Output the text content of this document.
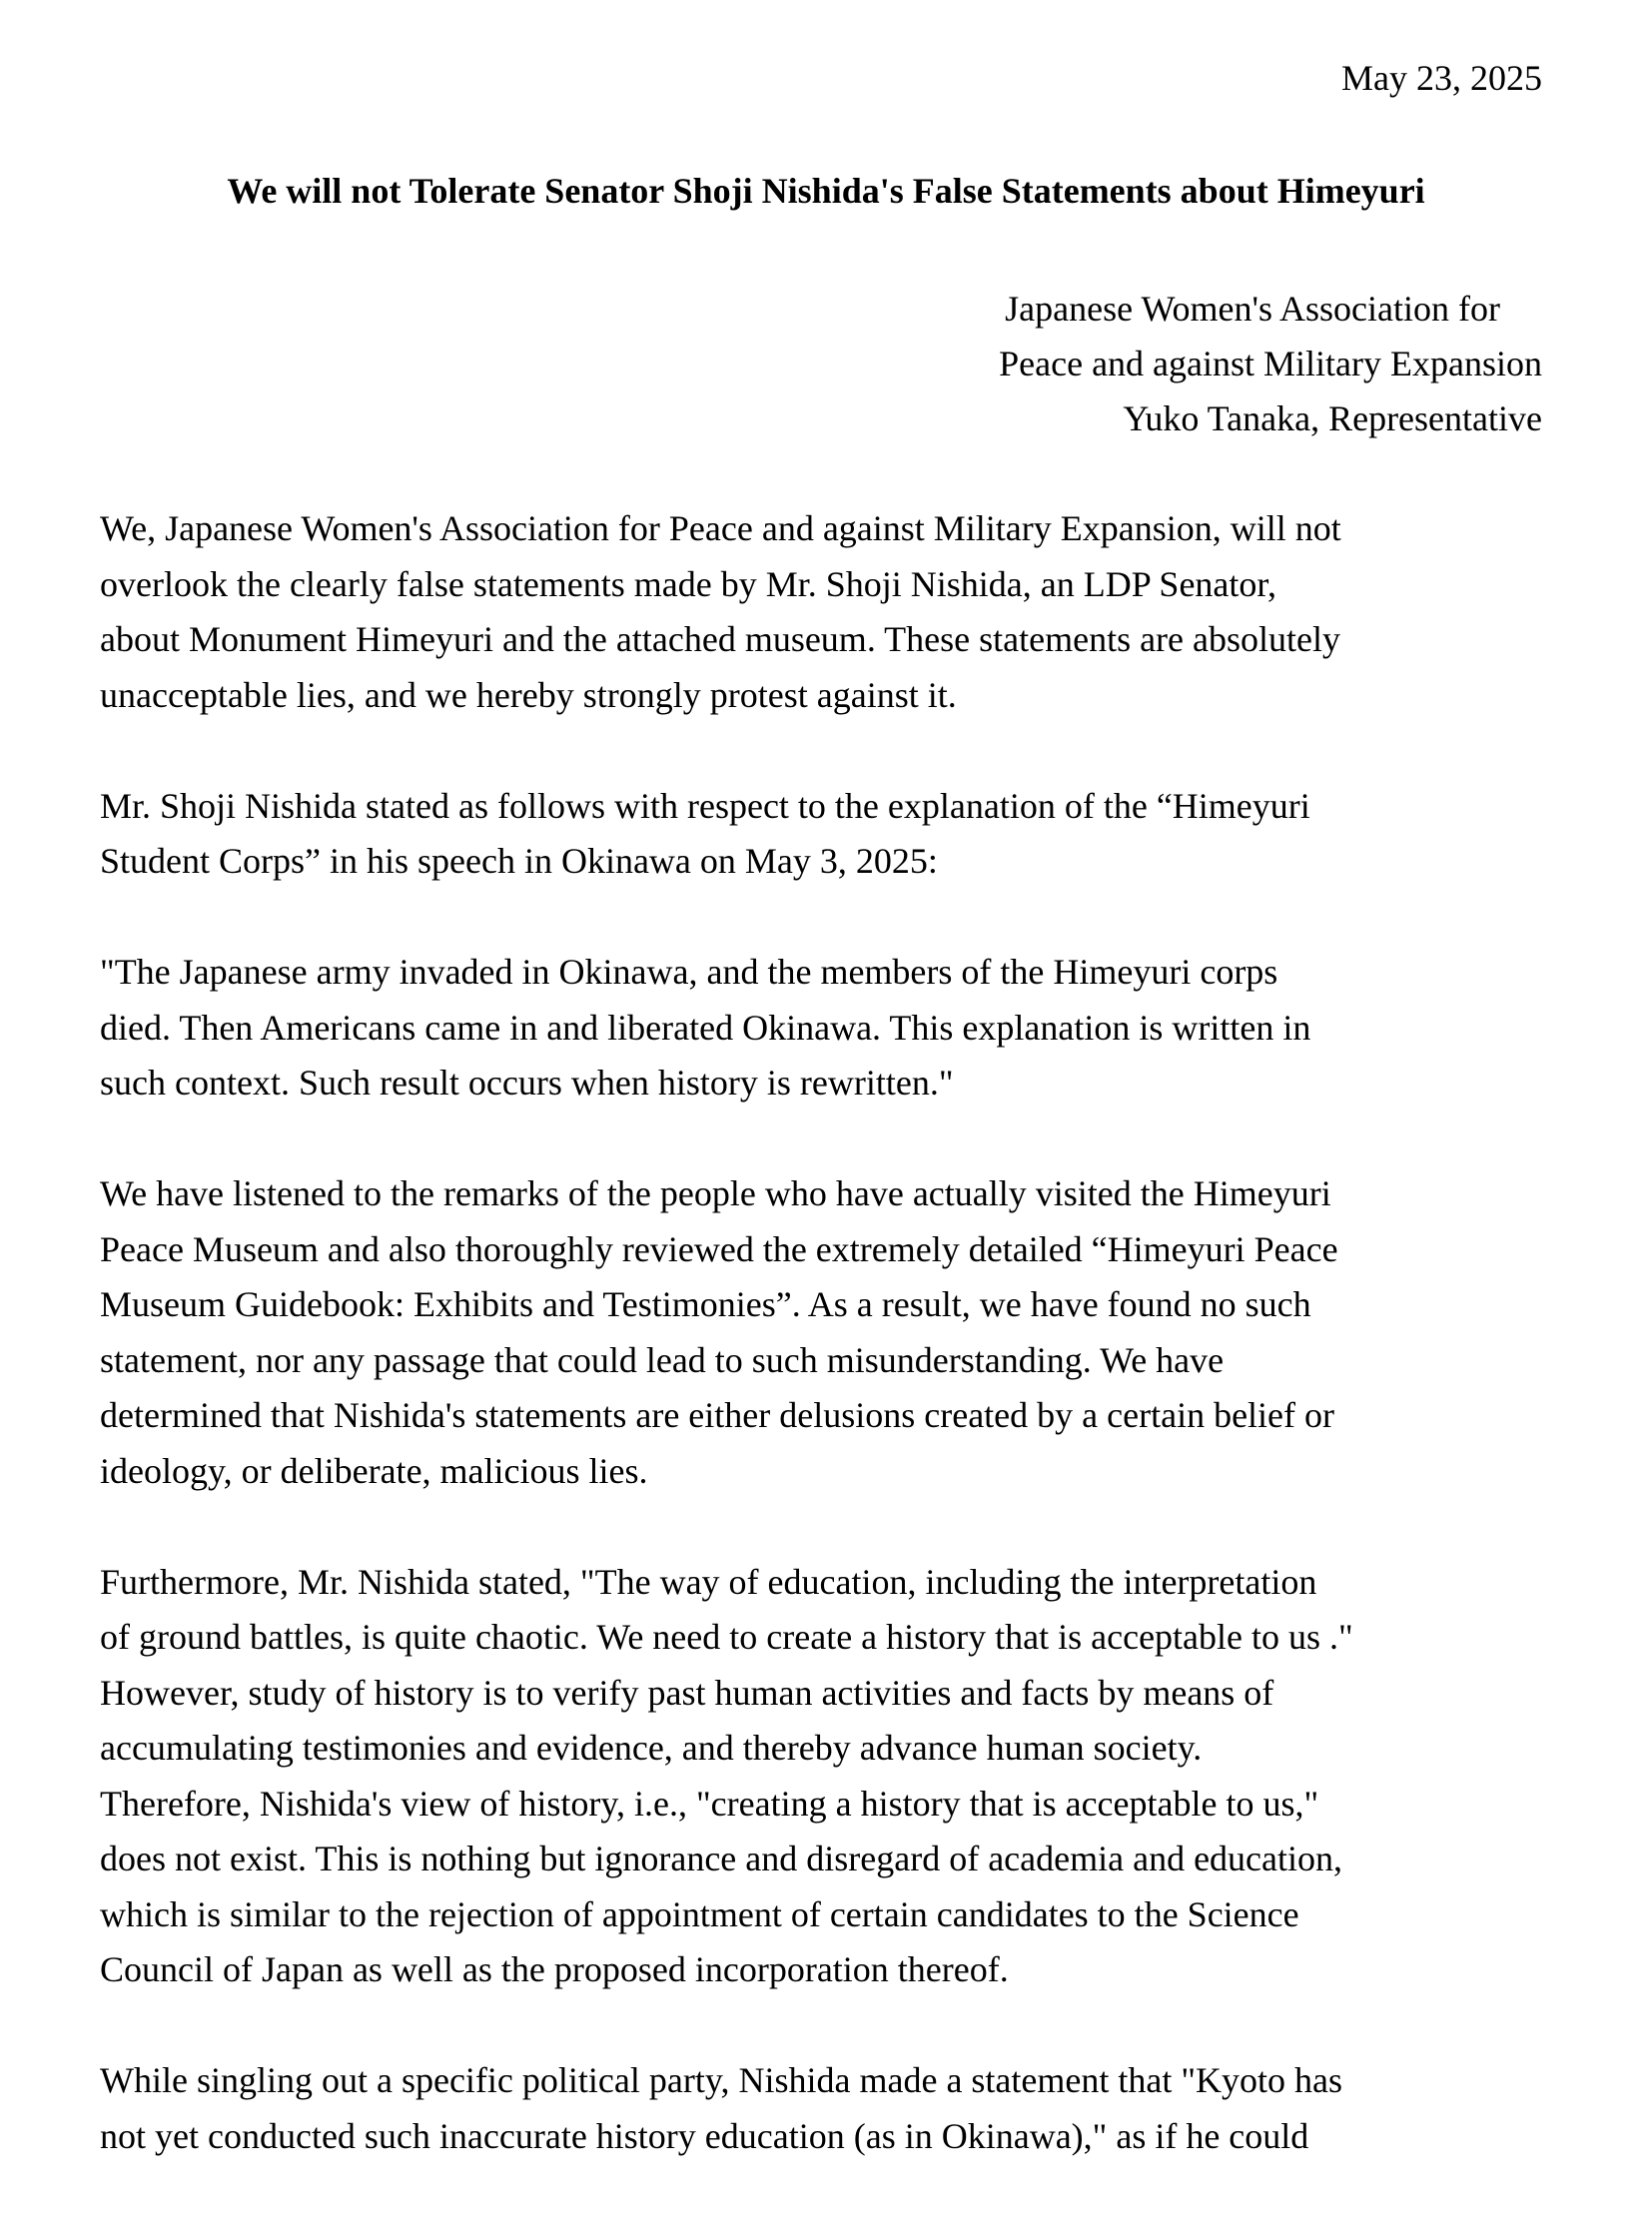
May 23, 2025
We will not Tolerate Senator Shoji Nishida's False Statements about Himeyuri
Japanese Women's Association for
Peace and against Military Expansion
Yuko Tanaka, Representative

We, Japanese Women's Association for Peace and against Military Expansion, will not
overlook the clearly false statements made by Mr. Shoji Nishida, an LDP Senator,
about Monument Himeyuri and the attached museum. These statements are absolutely
unacceptable lies, and we hereby strongly protest against it.

Mr. Shoji Nishida stated as follows with respect to the explanation of the “Himeyuri
Student Corps” in his speech in Okinawa on May 3, 2025:

"The Japanese army invaded in Okinawa, and the members of the Himeyuri corps
died. Then Americans came in and liberated Okinawa. This explanation is written in
such context. Such result occurs when history is rewritten."

We have listened to the remarks of the people who have actually visited the Himeyuri
Peace Museum and also thoroughly reviewed the extremely detailed “Himeyuri Peace
Museum Guidebook: Exhibits and Testimonies”. As a result, we have found no such
statement, nor any passage that could lead to such misunderstanding. We have
determined that Nishida's statements are either delusions created by a certain belief or
ideology, or deliberate, malicious lies.

Furthermore, Mr. Nishida stated, "The way of education, including the interpretation
of ground battles, is quite chaotic. We need to create a history that is acceptable to us ."
However, study of history is to verify past human activities and facts by means of
accumulating testimonies and evidence, and thereby advance human society.
Therefore, Nishida's view of history, i.e., "creating a history that is acceptable to us,"
does not exist. This is nothing but ignorance and disregard of academia and education,
which is similar to the rejection of appointment of certain candidates to the Science
Council of Japan as well as the proposed incorporation thereof.

While singling out a specific political party, Nishida made a statement that "Kyoto has
not yet conducted such inaccurate history education (as in Okinawa)," as if he could
